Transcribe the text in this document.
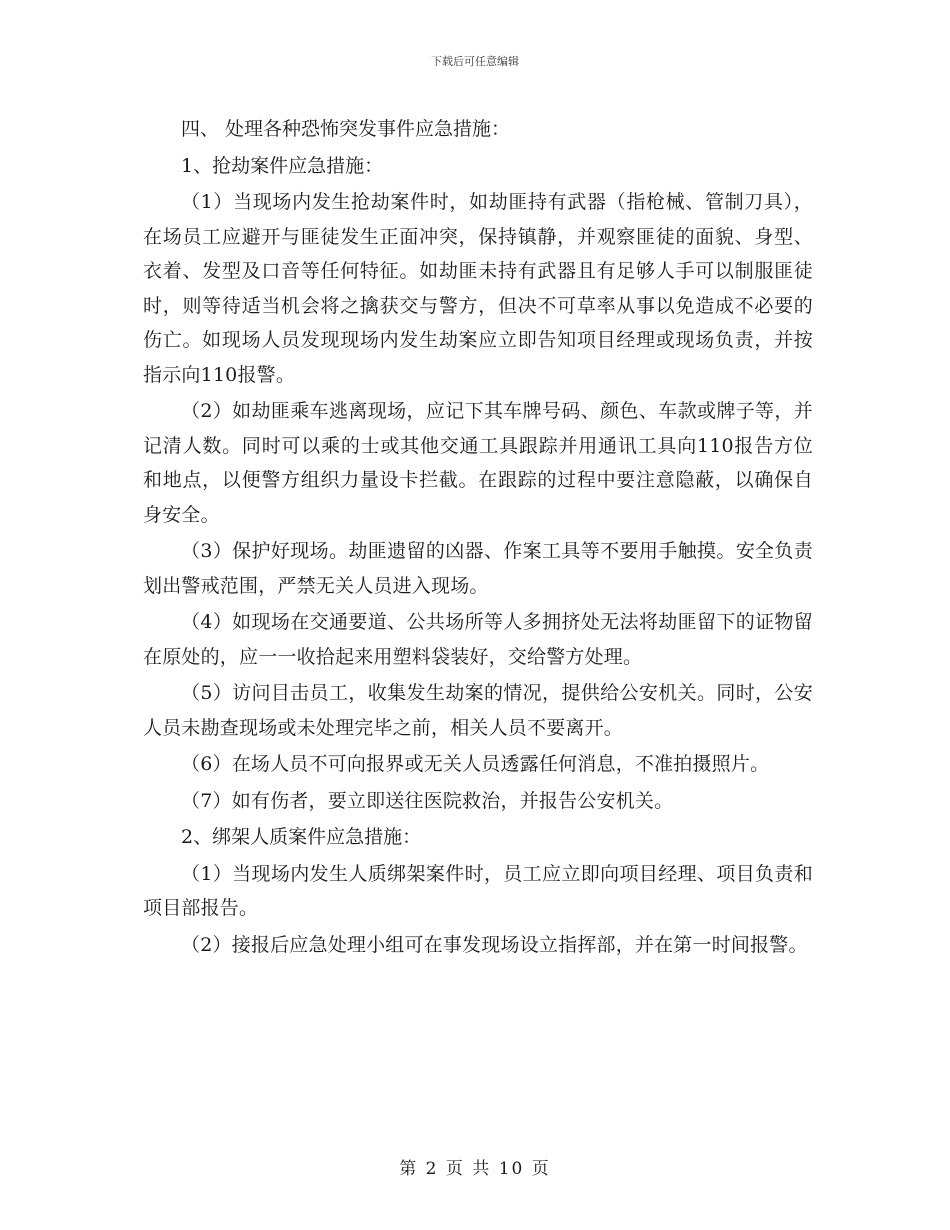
下载后可任意编辑

四、 处理各种恐怖突发事件应急措施：

1、抢劫案件应急措施：

（1）当现场内发生抢劫案件时，如劫匪持有武器（指枪械、管制刀具），在场员工应避开与匪徒发生正面冲突，保持镇静，并观察匪徒的面貌、身型、衣着、发型及口音等任何特征。如劫匪未持有武器且有足够人手可以制服匪徒时，则等待适当机会将之擒获交与警方，但决不可草率从事以免造成不必要的伤亡。如现场人员发现现场内发生劫案应立即告知项目经理或现场负责，并按指示向110报警。

（2）如劫匪乘车逃离现场，应记下其车牌号码、颜色、车款或牌子等，并记清人数。同时可以乘的士或其他交通工具跟踪并用通讯工具向110报告方位和地点，以便警方组织力量设卡拦截。在跟踪的过程中要注意隐蔽，以确保自身安全。

（3）保护好现场。劫匪遗留的凶器、作案工具等不要用手触摸。安全负责划出警戒范围，严禁无关人员进入现场。

（4）如现场在交通要道、公共场所等人多拥挤处无法将劫匪留下的证物留在原处的，应一一收拾起来用塑料袋装好，交给警方处理。

（5）访问目击员工，收集发生劫案的情况，提供给公安机关。同时，公安人员未勘查现场或未处理完毕之前，相关人员不要离开。

（6）在场人员不可向报界或无关人员透露任何消息，不准拍摄照片。

（7）如有伤者，要立即送往医院救治，并报告公安机关。

2、绑架人质案件应急措施：

（1）当现场内发生人质绑架案件时，员工应立即向项目经理、项目负责和项目部报告。

（2）接报后应急处理小组可在事发现场设立指挥部，并在第一时间报警。

第 2 页 共 10 页
